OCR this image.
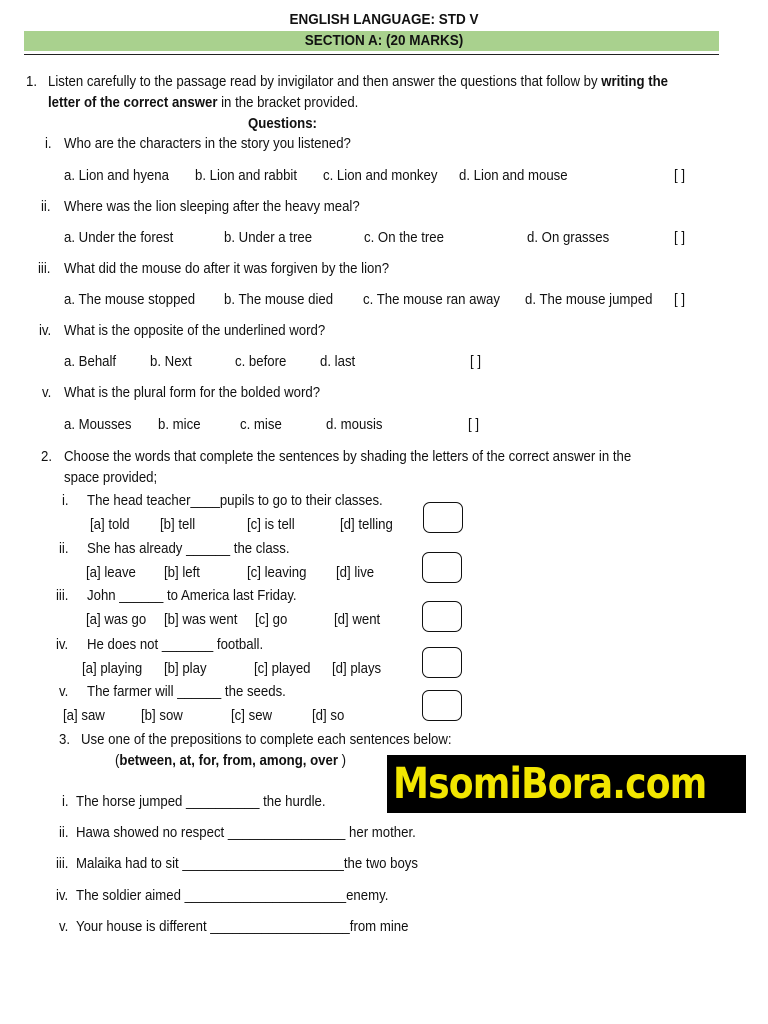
ENGLISH LANGUAGE: STD V
SECTION A: (20 MARKS)
1. Listen carefully to the passage read by invigilator and then answer the questions that follow by writing the
letter of the correct answer in the bracket provided.
Questions:
i. Who are the characters in the story you listened?
a. Lion and hyena b. Lion and rabbit c. Lion and monkey d. Lion and mouse	[ ]
ii. Where was the lion sleeping after the heavy meal?
a. Under the forest	b. Under a tree	c. On the tree	d. On grasses	[ ]
iii. What did the mouse do after it was forgiven by the lion?
a. The mouse stopped b. The mouse died c. The mouse ran away d. The mouse jumped [ ]
iv. What is the opposite of the underlined word?
a. Behalf b. Next	c. before d. last	[ ]
v. What is the plural form for the bolded word?
a. Mousses b. mice	c. mise	d. mousis	[ ]
2. Choose the words that complete the sentences by shading the letters of the correct answer in the
space provided;
i. The head teacher____pupils to go to their classes.
[a] told [b] tell	[c] is tell	[d] telling
ii. She has already ______ the class.
[a] leave [b] left	[c] leaving [d] live
iii. John ______ to America last Friday.
[a] was go [b] was went [c] go	[d] went
iv. He does not _______ football.
[a] playing [b] play	[c] played [d] plays
v. The farmer will ______ the seeds.
[a] saw [b] sow	[c] sew	[d] so
3. Use one of the prepositions to complete each sentences below:
(between, at, for, from, among, over )
i. The horse jumped __________ the hurdle.
ii. Hawa showed no respect ________________ her mother.
iii. Malaika had to sit ______________________the two boys
iv. The soldier aimed ______________________enemy.
v. Your house is different ___________________from mine
MsomiBora.com
